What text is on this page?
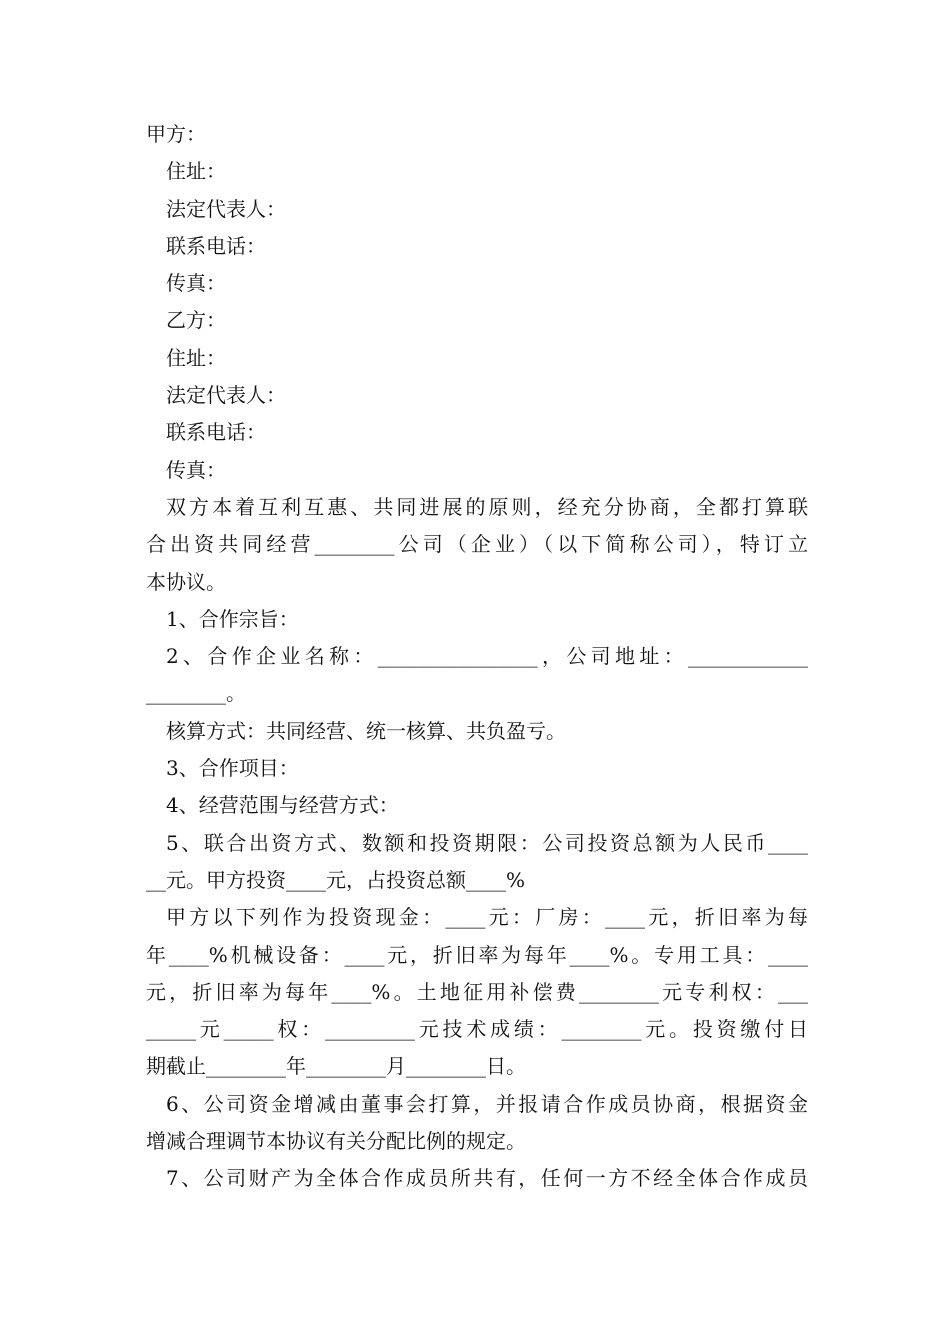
甲方：

住址：

法定代表人：

联系电话：

传真：

乙方：

住址：

法定代表人：

联系电话：

传真：

双方本着互利互惠、共同进展的原则，经充分协商，全都打算联

合出资共同经营________公司（企业）（以下简称公司），特订立

本协议。

1、合作宗旨：

2、合作企业名称：________________，公司地址：____________

________。

核算方式：共同经营、统一核算、共负盈亏。

3、合作项目：

4、经营范围与经营方式：

5、联合出资方式、数额和投资期限：公司投资总额为人民币____

__元。甲方投资____元，占投资总额____%

甲方以下列作为投资现金：____元：厂房：____元，折旧率为每

年____%机械设备：____元，折旧率为每年____%。专用工具：____

元，折旧率为每年____%。土地征用补偿费________元专利权：___

_____元_____权：_________元技术成绩：________元。投资缴付日

期截止________年________月________日。

6、公司资金增减由董事会打算，并报请合作成员协商，根据资金

增减合理调节本协议有关分配比例的规定。

7、公司财产为全体合作成员所共有，任何一方不经全体合作成员
